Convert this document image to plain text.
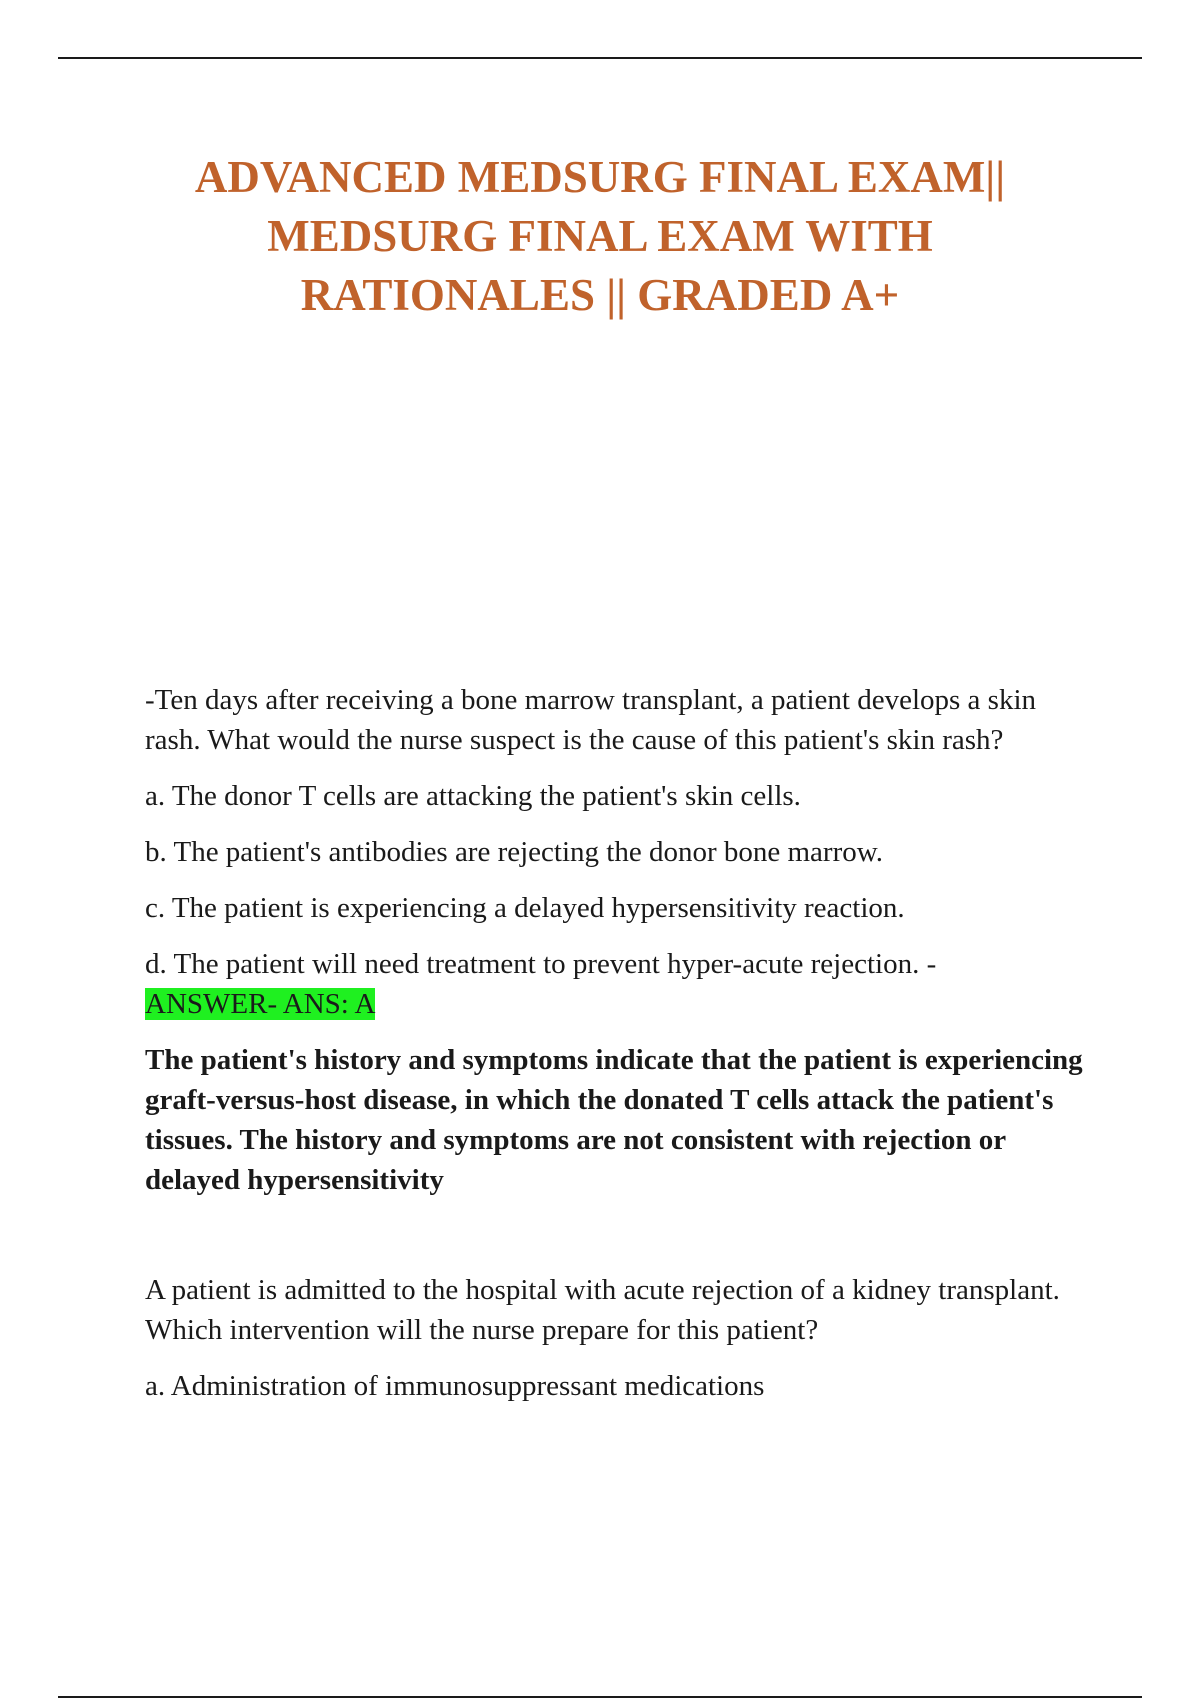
ADVANCED MEDSURG FINAL EXAM|| MEDSURG FINAL EXAM WITH RATIONALES || GRADED A+

-Ten days after receiving a bone marrow transplant, a patient develops a skin rash. What would the nurse suspect is the cause of this patient's skin rash?

a. The donor T cells are attacking the patient's skin cells.

b. The patient's antibodies are rejecting the donor bone marrow.

c. The patient is experiencing a delayed hypersensitivity reaction.

d. The patient will need treatment to prevent hyper-acute rejection. -
ANSWER- ANS: A

The patient's history and symptoms indicate that the patient is experiencing graft-versus-host disease, in which the donated T cells attack the patient's tissues. The history and symptoms are not consistent with rejection or delayed hypersensitivity

A patient is admitted to the hospital with acute rejection of a kidney transplant. Which intervention will the nurse prepare for this patient?

a. Administration of immunosuppressant medications
